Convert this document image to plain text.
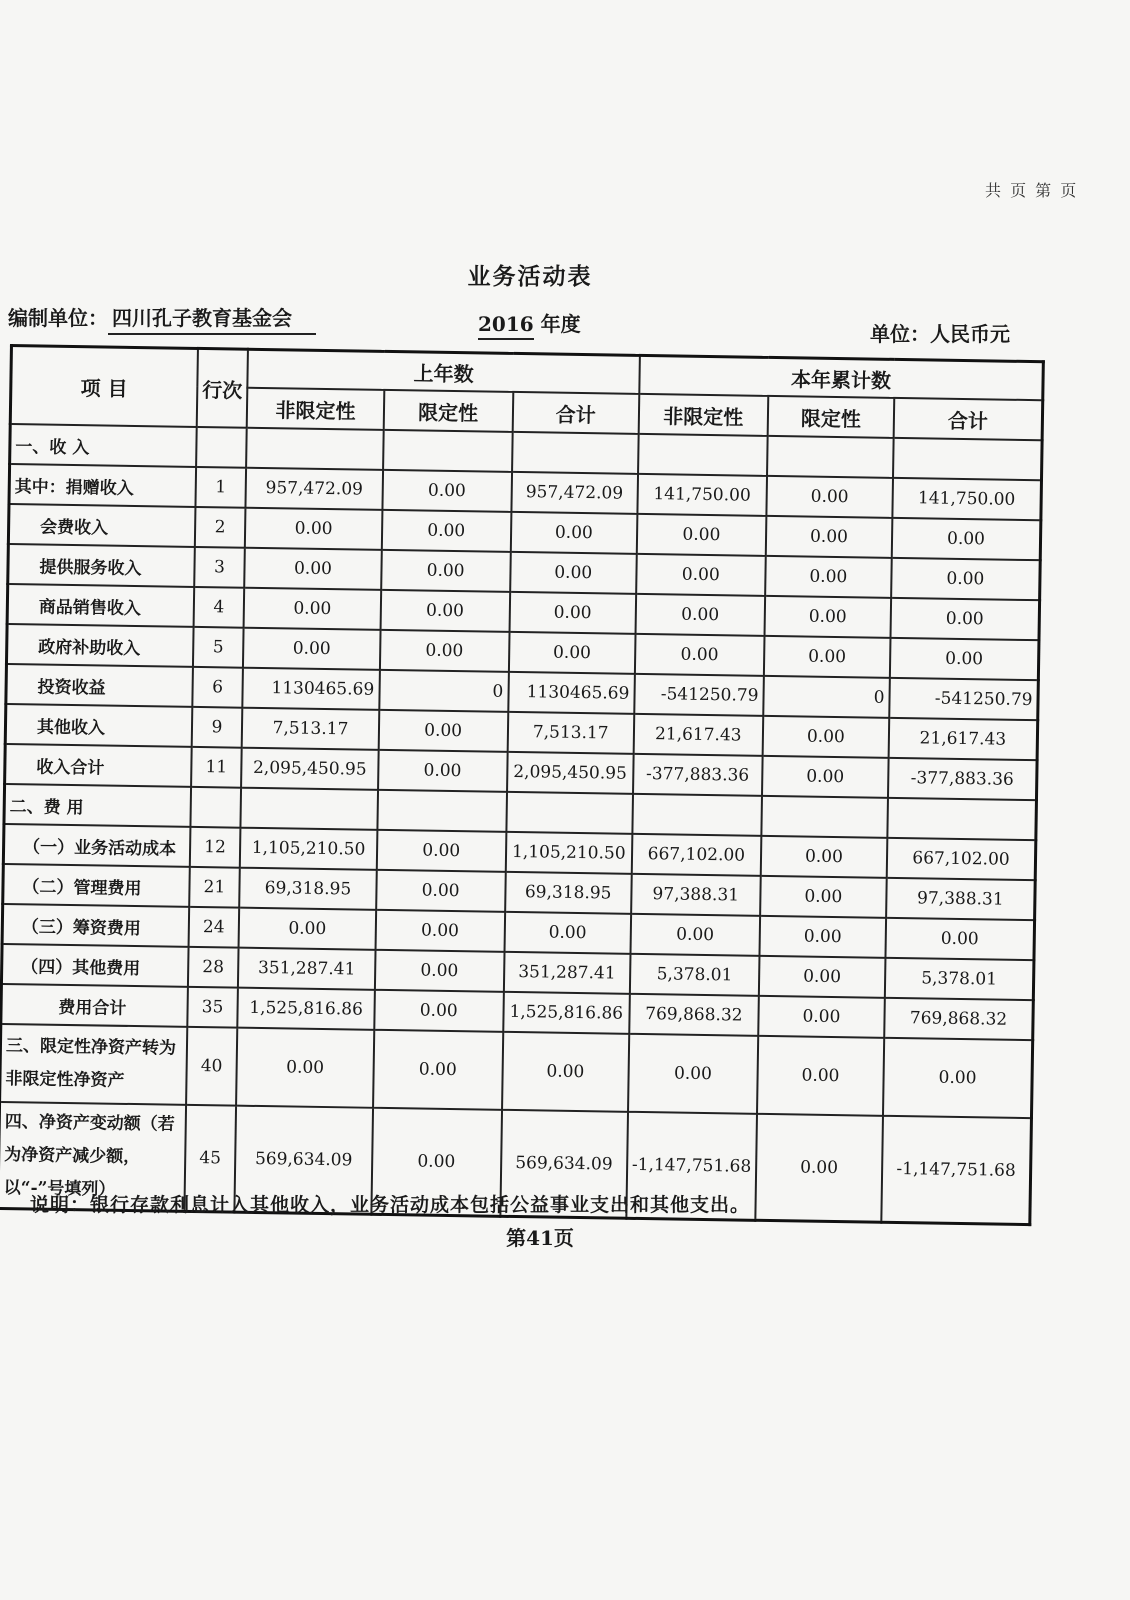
共 页 第 页
业务活动表
编制单位： 四川孔子教育基金会	2016 年度	单位：人民币元
项 目	行次	上年数			本年累计数		
		非限定性	限定性	合计	非限定性	限定性	合计
一、收 入							
其中：捐赠收入	1	957,472.09	0.00	957,472.09	141,750.00	0.00	141,750.00
会费收入	2	0.00	0.00	0.00	0.00	0.00	0.00
提供服务收入	3	0.00	0.00	0.00	0.00	0.00	0.00
商品销售收入	4	0.00	0.00	0.00	0.00	0.00	0.00
政府补助收入	5	0.00	0.00	0.00	0.00	0.00	0.00
投资收益	6	1130465.69	0	1130465.69	-541250.79	0	-541250.79
其他收入	9	7,513.17	0.00	7,513.17	21,617.43	0.00	21,617.43
收入合计	11	2,095,450.95	0.00	2,095,450.95	-377,883.36	0.00	-377,883.36
二、费 用							
（一）业务活动成本	12	1,105,210.50	0.00	1,105,210.50	667,102.00	0.00	667,102.00
（二）管理费用	21	69,318.95	0.00	69,318.95	97,388.31	0.00	97,388.31
（三）筹资费用	24	0.00	0.00	0.00	0.00	0.00	0.00
（四）其他费用	28	351,287.41	0.00	351,287.41	5,378.01	0.00	5,378.01
费用合计	35	1,525,816.86	0.00	1,525,816.86	769,868.32	0.00	769,868.32
三、限定性净资产转为非限定性净资产	40	0.00	0.00	0.00	0.00	0.00	0.00
四、净资产变动额（若为净资产减少额，以“-”号填列）	45	569,634.09	0.00	569,634.09	-1,147,751.68	0.00	-1,147,751.68
说明：银行存款利息计入其他收入，业务活动成本包括公益事业支出和其他支出。
第41页
